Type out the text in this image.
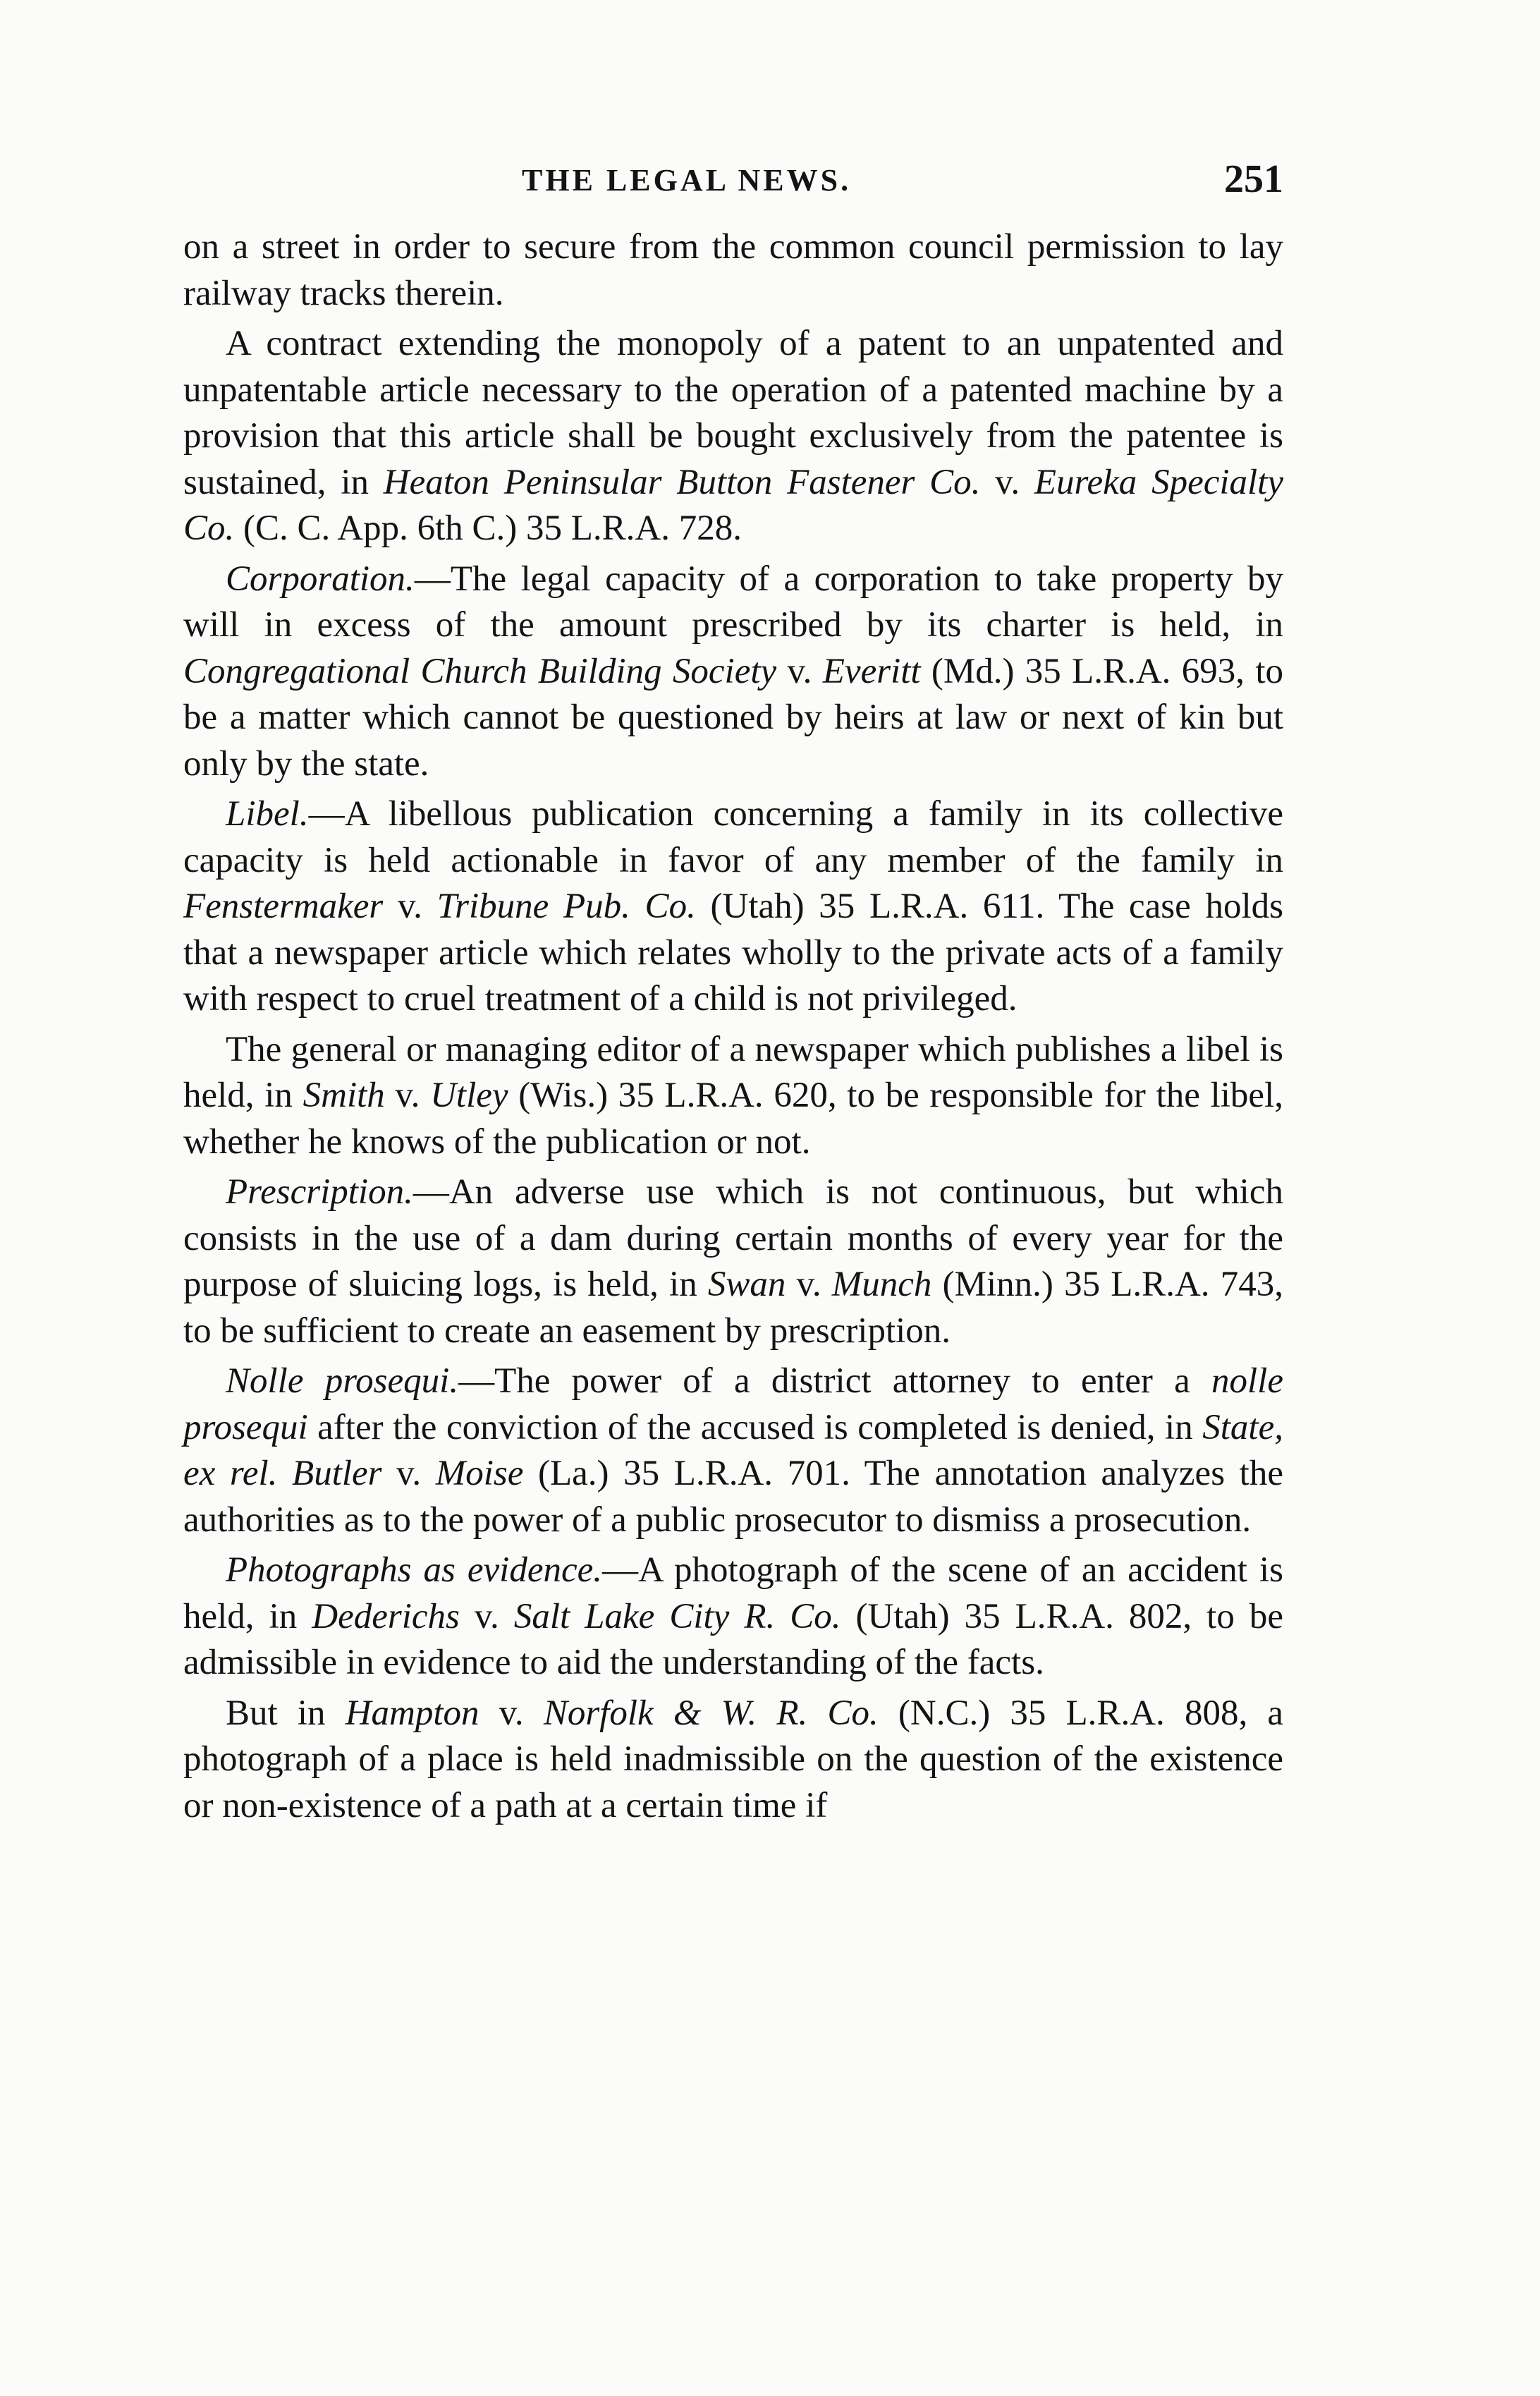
THE LEGAL NEWS.	251

on a street in order to secure from the common council permission to lay railway tracks therein.

A contract extending the monopoly of a patent to an unpatented and unpatentable article necessary to the operation of a patented machine by a provision that this article shall be bought exclusively from the patentee is sustained, in Heaton Peninsular Button Fastener Co. v. Eureka Specialty Co. (C. C. App. 6th C.) 35 L.R.A. 728.

Corporation.—The legal capacity of a corporation to take property by will in excess of the amount prescribed by its charter is held, in Congregational Church Building Society v. Everitt (Md.) 35 L.R.A. 693, to be a matter which cannot be questioned by heirs at law or next of kin but only by the state.

Libel.—A libellous publication concerning a family in its collective capacity is held actionable in favor of any member of the family in Fenstermaker v. Tribune Pub. Co. (Utah) 35 L.R.A. 611. The case holds that a newspaper article which relates wholly to the private acts of a family with respect to cruel treatment of a child is not privileged.

The general or managing editor of a newspaper which publishes a libel is held, in Smith v. Utley (Wis.) 35 L.R.A. 620, to be responsible for the libel, whether he knows of the publication or not.

Prescription.—An adverse use which is not continuous, but which consists in the use of a dam during certain months of every year for the purpose of sluicing logs, is held, in Swan v. Munch (Minn.) 35 L.R.A. 743, to be sufficient to create an easement by prescription.

Nolle prosequi.—The power of a district attorney to enter a nolle prosequi after the conviction of the accused is completed is denied, in State, ex rel. Butler v. Moise (La.) 35 L.R.A. 701. The annotation analyzes the authorities as to the power of a public prosecutor to dismiss a prosecution.

Photographs as evidence.—A photograph of the scene of an accident is held, in Dederichs v. Salt Lake City R. Co. (Utah) 35 L.R.A. 802, to be admissible in evidence to aid the understanding of the facts.

But in Hampton v. Norfolk & W. R. Co. (N.C.) 35 L.R.A. 808, a photograph of a place is held inadmissible on the question of the existence or non-existence of a path at a certain time if
